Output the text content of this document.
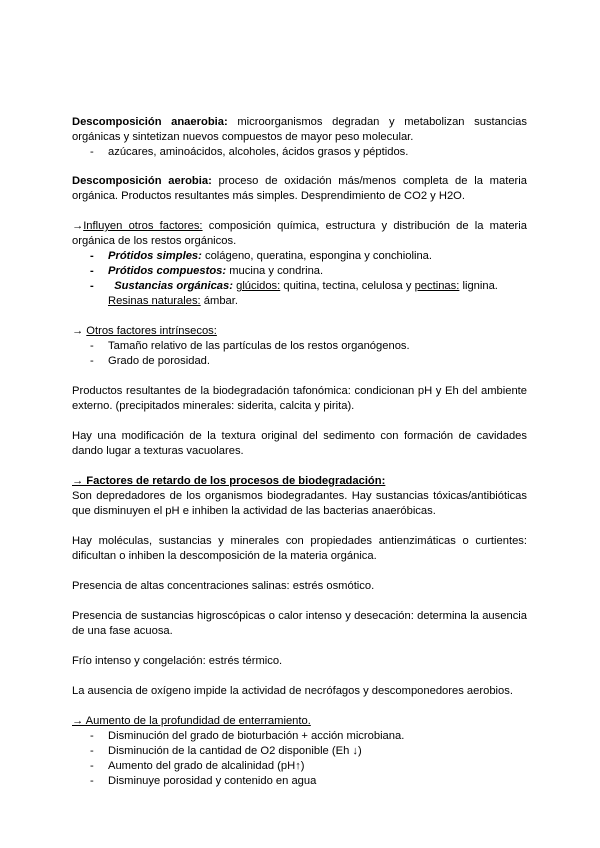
Descomposición anaerobia: microorganismos degradan y metabolizan sustancias orgánicas y sintetizan nuevos compuestos de mayor peso molecular.

- azúcares, aminoácidos, alcoholes, ácidos grasos y péptidos.

Descomposición aerobia: proceso de oxidación más/menos completa de la materia orgánica. Productos resultantes más simples. Desprendimiento de CO2 y H2O.

→Influyen otros factores: composición química, estructura y distribución de la materia orgánica de los restos orgánicos.

- Prótidos simples: colágeno, queratina, espongina y conchiolina.
- Prótidos compuestos: mucina y condrina.
- Sustancias orgánicas: glúcidos: quitina, tectina, celulosa y pectinas: lignina.
Resinas naturales: ámbar.

→ Otros factores intrínsecos:

- Tamaño relativo de las partículas de los restos organógenos.
- Grado de porosidad.

Productos resultantes de la biodegradación tafonómica: condicionan pH y Eh del ambiente externo. (precipitados minerales: siderita, calcita y pirita).

Hay una modificación de la textura original del sedimento con formación de cavidades dando lugar a texturas vacuolares.

→ Factores de retardo de los procesos de biodegradación:

Son depredadores de los organismos biodegradantes. Hay sustancias tóxicas/antibióticas que disminuyen el pH e inhiben la actividad de las bacterias anaeróbicas.

Hay moléculas, sustancias y minerales con propiedades antienzimáticas o curtientes: dificultan o inhiben la descomposición de la materia orgánica.

Presencia de altas concentraciones salinas: estrés osmótico.

Presencia de sustancias higroscópicas o calor intenso y desecación: determina la ausencia de una fase acuosa.

Frío intenso y congelación: estrés térmico.

La ausencia de oxígeno impide la actividad de necrófagos y descomponedores aerobios.

→ Aumento de la profundidad de enterramiento.

- Disminución del grado de bioturbación + acción microbiana.
- Disminución de la cantidad de O2 disponible (Eh ↓)
- Aumento del grado de alcalinidad (pH↑)
- Disminuye porosidad y contenido en agua
